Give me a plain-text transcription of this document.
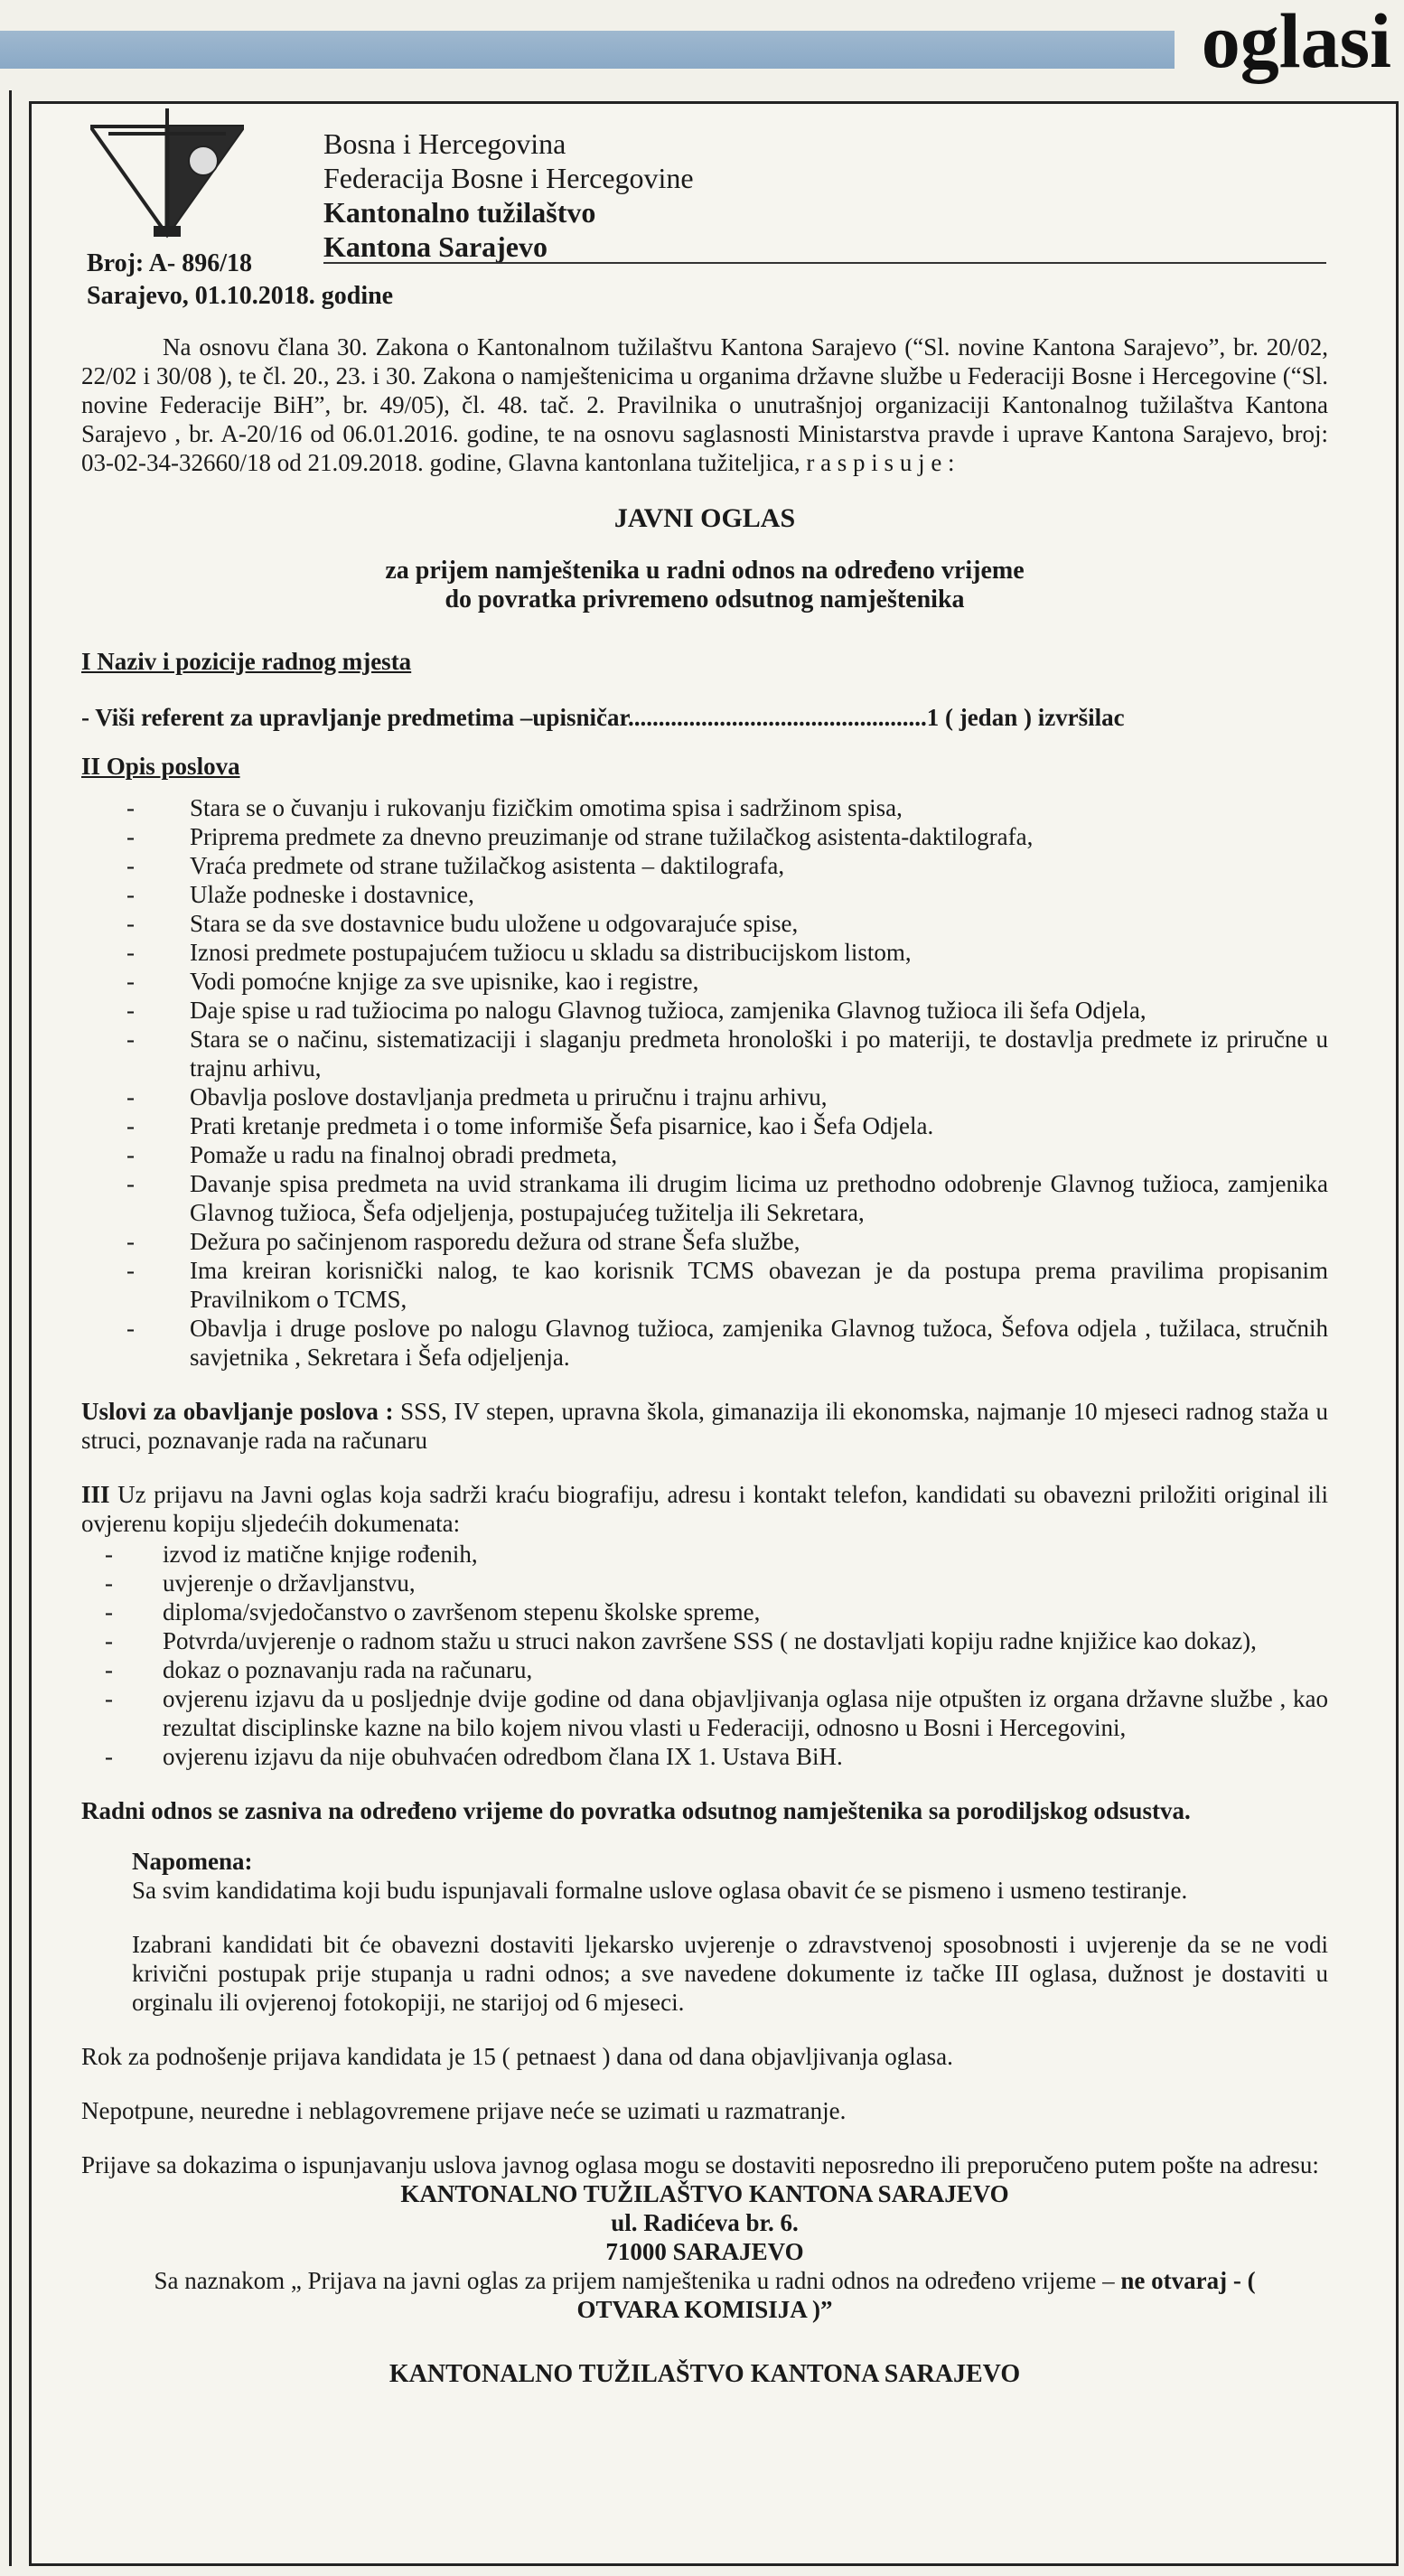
oglasi
Bosna i Hercegovina
Federacija Bosne i Hercegovine
Kantonalno tužilaštvo
Kantona Sarajevo
Broj: A- 896/18
Sarajevo, 01.10.2018. godine

Na osnovu člana 30. Zakona o Kantonalnom tužilaštvu Kantona Sarajevo (“Sl. novine Kantona Sarajevo”, br. 20/02, 22/02 i 30/08 ), te čl. 20., 23. i 30. Zakona o namještenicima u organima državne službe u Federaciji Bosne i Hercegovine (“Sl. novine Federacije BiH”, br. 49/05), čl. 48. tač. 2. Pravilnika o unutrašnjoj organizaciji Kantonalnog tužilaštva Kantona Sarajevo , br. A-20/16 od 06.01.2016. godine, te na osnovu saglasnosti Ministarstva pravde i uprave Kantona Sarajevo, broj: 03-02-34-32660/18 od 21.09.2018. godine, Glavna kantonlana tužiteljica, r a s p i s u j e :

JAVNI OGLAS

za prijem namještenika u radni odnos na određeno vrijeme
do povratka privremeno odsutnog namještenika

I Naziv i pozicije radnog mjesta

- Viši referent za upravljanje predmetima –upisničar.................................................1 ( jedan ) izvršilac

II Opis poslova

- Stara se o čuvanju i rukovanju fizičkim omotima spisa i sadržinom spisa,
- Priprema predmete za dnevno preuzimanje od strane tužilačkog asistenta-daktilografa,
- Vraća predmete od strane tužilačkog asistenta – daktilografa,
- Ulaže podneske i dostavnice,
- Stara se da sve dostavnice budu uložene u odgovarajuće spise,
- Iznosi predmete postupajućem tužiocu u skladu sa distribucijskom listom,
- Vodi pomoćne knjige za sve upisnike, kao i registre,
- Daje spise u rad tužiocima po nalogu Glavnog tužioca, zamjenika Glavnog tužioca ili šefa Odjela,
- Stara se o načinu, sistematizaciji i slaganju predmeta hronološki i po materiji, te dostavlja predmete iz priručne u trajnu arhivu,
- Obavlja poslove dostavljanja predmeta u priručnu i trajnu arhivu,
- Prati kretanje predmeta i o tome informiše Šefa pisarnice, kao i Šefa Odjela.
- Pomaže u radu na finalnoj obradi predmeta,
- Davanje spisa predmeta na uvid strankama ili drugim licima uz prethodno odobrenje Glavnog tužioca, zamjenika Glavnog tužioca, Šefa odjeljenja, postupajućeg tužitelja ili Sekretara,
- Dežura po sačinjenom rasporedu dežura od strane Šefa službe,
- Ima kreiran korisnički nalog, te kao korisnik TCMS obavezan je da postupa prema pravilima propisanim Pravilnikom o TCMS,
- Obavlja i druge poslove po nalogu Glavnog tužioca, zamjenika Glavnog tužoca, Šefova odjela , tužilaca, stručnih savjetnika , Sekretara i Šefa odjeljenja.

Uslovi za obavljanje poslova : SSS, IV stepen, upravna škola, gimanazija ili ekonomska, najmanje 10 mjeseci radnog staža u struci, poznavanje rada na računaru

III Uz prijavu na Javni oglas koja sadrži kraću biografiju, adresu i kontakt telefon, kandidati su obavezni priložiti original ili ovjerenu kopiju sljedećih dokumenata:

- izvod iz matične knjige rođenih,
- uvjerenje o državljanstvu,
- diploma/svjedočanstvo o završenom stepenu školske spreme,
- Potvrda/uvjerenje o radnom stažu u struci nakon završene SSS ( ne dostavljati kopiju radne knjižice kao dokaz),
- dokaz o poznavanju rada na računaru,
- ovjerenu izjavu da u posljednje dvije godine od dana objavljivanja oglasa nije otpušten iz organa državne službe , kao rezultat disciplinske kazne na bilo kojem nivou vlasti u Federaciji, odnosno u Bosni i Hercegovini,
- ovjerenu izjavu da nije obuhvaćen odredbom člana IX 1. Ustava BiH.

Radni odnos se zasniva na određeno vrijeme do povratka odsutnog namještenika sa porodiljskog odsustva.

Napomena:

Sa svim kandidatima koji budu ispunjavali formalne uslove oglasa obavit će se pismeno i usmeno testiranje.

Izabrani kandidati bit će obavezni dostaviti ljekarsko uvjerenje o zdravstvenoj sposobnosti i uvjerenje da se ne vodi krivični postupak prije stupanja u radni odnos; a sve navedene dokumente iz tačke III oglasa, dužnost je dostaviti u orginalu ili ovjerenoj fotokopiji, ne starijoj od 6 mjeseci.

Rok za podnošenje prijava kandidata je 15 ( petnaest ) dana od dana objavljivanja oglasa.

Nepotpune, neuredne i neblagovremene prijave neće se uzimati u razmatranje.

Prijave sa dokazima o ispunjavanju uslova javnog oglasa mogu se dostaviti neposredno ili preporučeno putem pošte na adresu:

KANTONALNO TUŽILAŠTVO KANTONA SARAJEVO

ul. Radićeva br. 6.

71000 SARAJEVO

Sa naznakom „ Prijava na javni oglas za prijem namještenika u radni odnos na određeno vrijeme – ne otvaraj - ( OTVARA KOMISIJA )”

KANTONALNO TUŽILAŠTVO KANTONA SARAJEVO
